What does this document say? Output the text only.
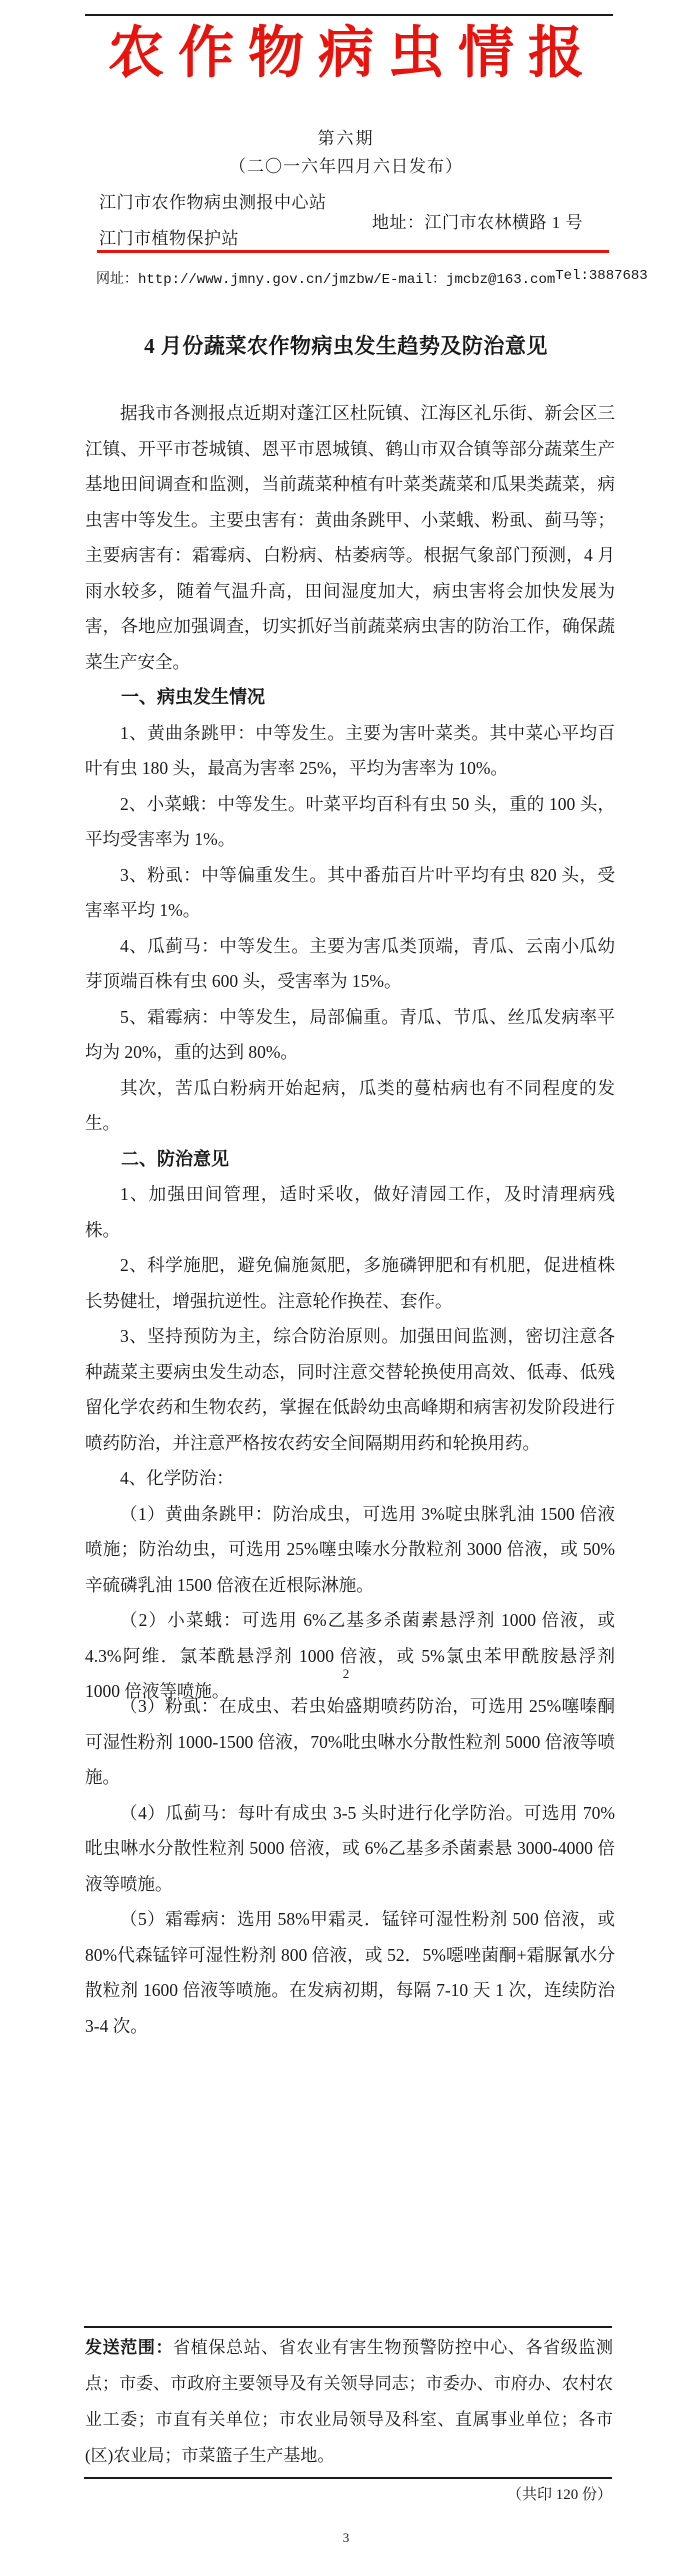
农作物病虫情报
第六期
（二〇一六年四月六日发布）
江门市农作物病虫测报中心站
江门市植物保护站
地址：江门市农林横路 1 号
网址：http://www.jmny.gov.cn/jmzbw/ E-mail：jmcbz@163.com Tel:3887683
4 月份蔬菜农作物病虫发生趋势及防治意见

据我市各测报点近期对蓬江区杜阮镇、江海区礼乐街、新会区三江镇、开平市苍城镇、恩平市恩城镇、鹤山市双合镇等部分蔬菜生产基地田间调查和监测，当前蔬菜种植有叶菜类蔬菜和瓜果类蔬菜，病虫害中等发生。主要虫害有：黄曲条跳甲、小菜蛾、粉虱、蓟马等；主要病害有：霜霉病、白粉病、枯萎病等。根据气象部门预测，4 月雨水较多，随着气温升高，田间湿度加大，病虫害将会加快发展为害，各地应加强调查，切实抓好当前蔬菜病虫害的防治工作，确保蔬菜生产安全。

一、病虫发生情况

1、黄曲条跳甲：中等发生。主要为害叶菜类。其中菜心平均百叶有虫 180 头，最高为害率 25%，平均为害率为 10%。

2、小菜蛾：中等发生。叶菜平均百科有虫 50 头，重的 100 头，平均受害率为 1%。

3、粉虱：中等偏重发生。其中番茄百片叶平均有虫 820 头，受害率平均 1%。

4、瓜蓟马：中等发生。主要为害瓜类顶端，青瓜、云南小瓜幼芽顶端百株有虫 600 头，受害率为 15%。

5、霜霉病：中等发生，局部偏重。青瓜、节瓜、丝瓜发病率平均为 20%，重的达到 80%。

其次，苦瓜白粉病开始起病，瓜类的蔓枯病也有不同程度的发生。

二、防治意见

1、加强田间管理，适时采收，做好清园工作，及时清理病残株。

2、科学施肥，避免偏施氮肥，多施磷钾肥和有机肥，促进植株长势健壮，增强抗逆性。注意轮作换茬、套作。

3、坚持预防为主，综合防治原则。加强田间监测，密切注意各种蔬菜主要病虫发生动态，同时注意交替轮换使用高效、低毒、低残留化学农药和生物农药，掌握在低龄幼虫高峰期和病害初发阶段进行喷药防治，并注意严格按农药安全间隔期用药和轮换用药。

4、化学防治：

（1）黄曲条跳甲：防治成虫，可选用 3%啶虫脒乳油 1500 倍液喷施；防治幼虫，可选用 25%噻虫嗪水分散粒剂 3000 倍液，或 50%辛硫磷乳油 1500 倍液在近根际淋施。

（2）小菜蛾：可选用 6%乙基多杀菌素悬浮剂 1000 倍液，或 4.3%阿维．氯苯酰悬浮剂 1000 倍液，或 5%氯虫苯甲酰胺悬浮剂 1000 倍液等喷施。

2

（3）粉虱：在成虫、若虫始盛期喷药防治，可选用 25%噻嗪酮可湿性粉剂 1000-1500 倍液，70%吡虫啉水分散性粒剂 5000 倍液等喷施。

（4）瓜蓟马：每叶有成虫 3-5 头时进行化学防治。可选用 70%吡虫啉水分散性粒剂 5000 倍液，或 6%乙基多杀菌素悬 3000-4000 倍液等喷施。

（5）霜霉病：选用 58%甲霜灵．锰锌可湿性粉剂 500 倍液，或 80%代森锰锌可湿性粉剂 800 倍液，或 52．5%噁唑菌酮+霜脲氰水分散粒剂 1600 倍液等喷施。在发病初期，每隔 7-10 天 1 次，连续防治 3-4 次。

发送范围：省植保总站、省农业有害生物预警防控中心、各省级监测点；市委、市政府主要领导及有关领导同志；市委办、市府办、农村农业工委；市直有关单位；市农业局领导及科室、直属事业单位；各市(区)农业局；市菜篮子生产基地。
（共印 120 份）
3
